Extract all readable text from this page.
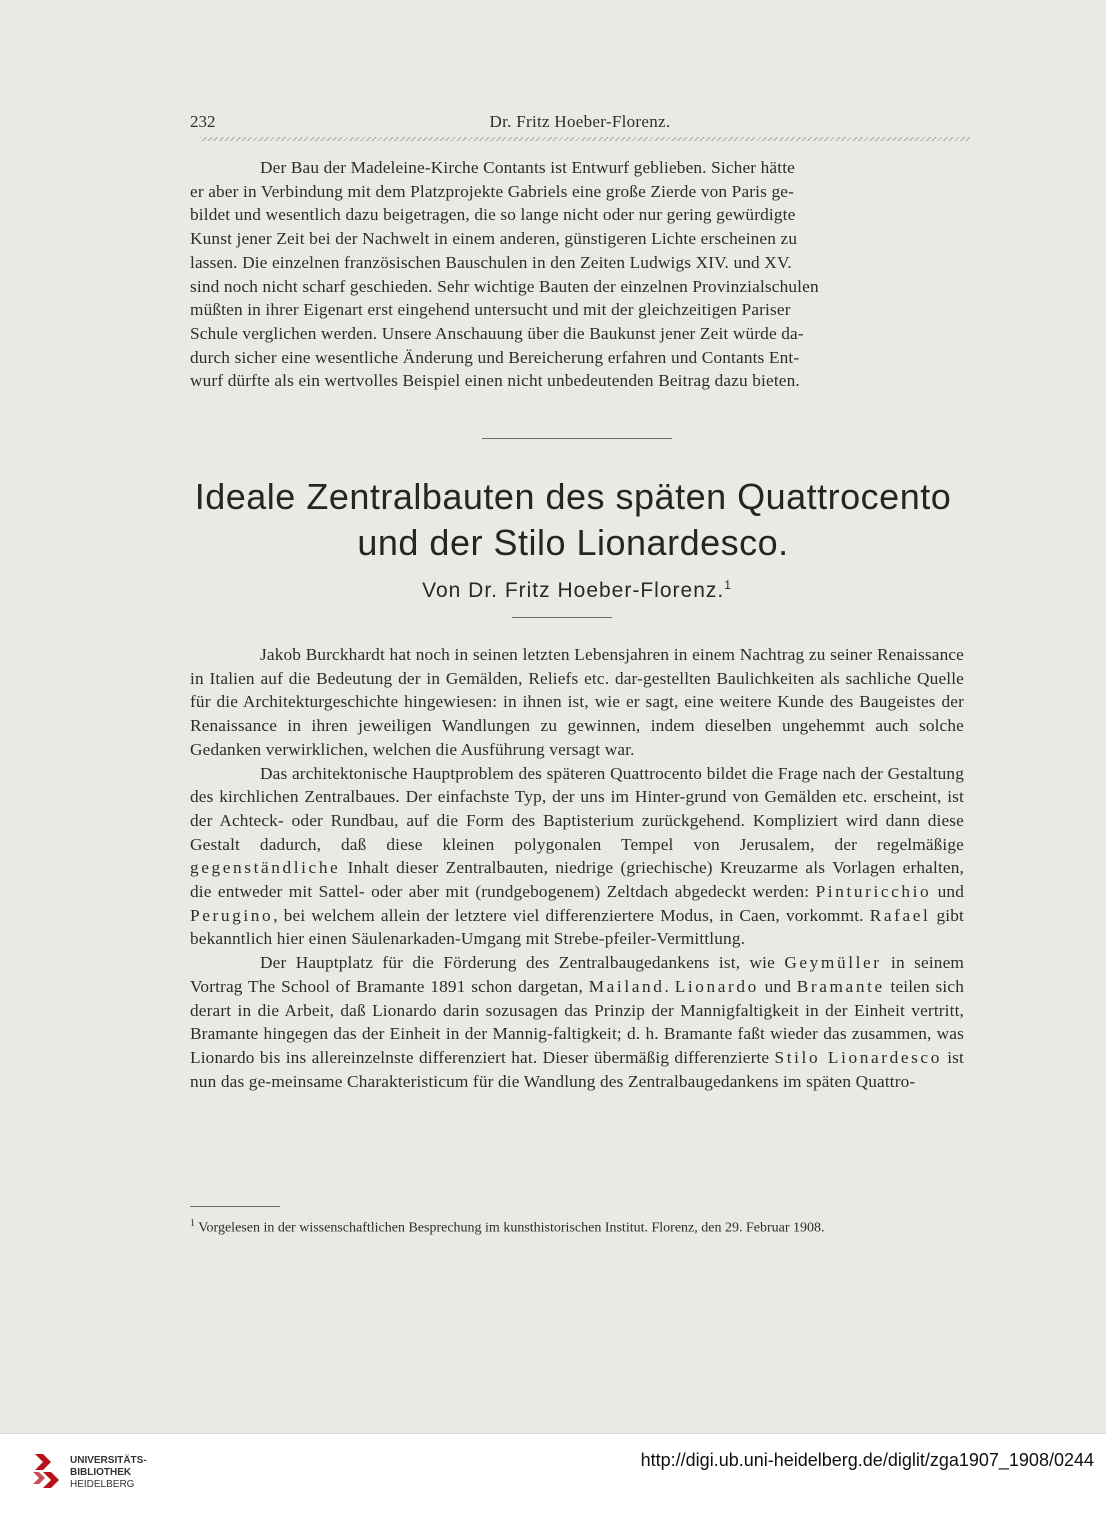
232	Dr. Fritz Hoeber-Florenz.
Der Bau der Madeleine-Kirche Contants ist Entwurf geblieben. Sicher hätte
er aber in Verbindung mit dem Platzprojekte Gabriels eine große Zierde von Paris ge-
bildet und wesentlich dazu beigetragen, die so lange nicht oder nur gering gewürdigte
Kunst jener Zeit bei der Nachwelt in einem anderen, günstigeren Lichte erscheinen zu
lassen. Die einzelnen französischen Bauschulen in den Zeiten Ludwigs XIV. und XV.
sind noch nicht scharf geschieden. Sehr wichtige Bauten der einzelnen Provinzialschulen
müßten in ihrer Eigenart erst eingehend untersucht und mit der gleichzeitigen Pariser
Schule verglichen werden. Unsere Anschauung über die Baukunst jener Zeit würde da-
durch sicher eine wesentliche Änderung und Bereicherung erfahren und Contants Ent-
wurf dürfte als ein wertvolles Beispiel einen nicht unbedeutenden Beitrag dazu bieten.
Ideale Zentralbauten des späten Quattrocento
und der Stilo Lionardesco.
Von Dr. Fritz Hoeber-Florenz.$^1$

Jakob Burckhardt hat noch in seinen letzten Lebensjahren in einem Nachtrag zu seiner Renaissance in Italien auf die Bedeutung der in Gemälden, Reliefs etc. dar-gestellten Baulichkeiten als sachliche Quelle für die Architekturgeschichte hingewiesen: in ihnen ist, wie er sagt, eine weitere Kunde des Baugeistes der Renaissance in ihren jeweiligen Wandlungen zu gewinnen, indem dieselben ungehemmt auch solche Gedanken verwirklichen, welchen die Ausführung versagt war.

Das architektonische Hauptproblem des späteren Quattrocento bildet die Frage nach der Gestaltung des kirchlichen Zentralbaues. Der einfachste Typ, der uns im Hinter-grund von Gemälden etc. erscheint, ist der Achteck- oder Rundbau, auf die Form des Baptisterium zurückgehend. Kompliziert wird dann diese Gestalt dadurch, daß diese kleinen polygonalen Tempel von Jerusalem, der regelmäßige gegenständliche Inhalt dieser Zentralbauten, niedrige (griechische) Kreuzarme als Vorlagen erhalten, die entweder mit Sattel- oder aber mit (rundgebogenem) Zeltdach abgedeckt werden: Pinturicchio und Perugino, bei welchem allein der letztere viel differenziertere Modus, in Caen, vorkommt. Rafael gibt bekanntlich hier einen Säulenarkaden-Umgang mit Strebe-pfeiler-Vermittlung.

Der Hauptplatz für die Förderung des Zentralbaugedankens ist, wie Geymüller in seinem Vortrag The School of Bramante 1891 schon dargetan, Mailand. Lionardo und Bramante teilen sich derart in die Arbeit, daß Lionardo darin sozusagen das Prinzip der Mannigfaltigkeit in der Einheit vertritt, Bramante hingegen das der Einheit in der Mannig-faltigkeit; d. h. Bramante faßt wieder das zusammen, was Lionardo bis ins allereinzelnste differenziert hat. Dieser übermäßig differenzierte Stilo Lionardesco ist nun das ge-meinsame Charakteristicum für die Wandlung des Zentralbaugedankens im späten Quattro-

$^1$ Vorgelesen in der wissenschaftlichen Besprechung im kunsthistorischen Institut. Florenz, den 29. Februar 1908.
UNIVERSITÄTS-
BIBLIOTHEK
HEIDELBERG
http://digi.ub.uni-heidelberg.de/diglit/zga1907_1908/0244
